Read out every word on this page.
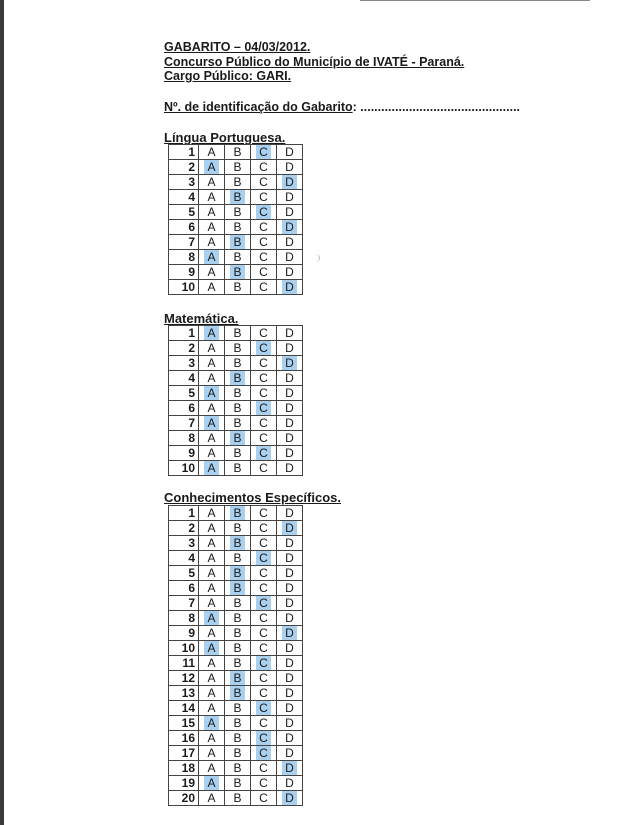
GABARITO – 04/03/2012.
Concurso Público do Município de IVATÉ - Paraná.
Cargo Público: GARI.
Nº. de identificação do Gabarito: ..............................................
Língua Portuguesa.
1	A	B	C	D
2	A	B	C	D
3	A	B	C	D
4	A	B	C	D
5	A	B	C	D
6	A	B	C	D
7	A	B	C	D
8	A	B	C	D
9	A	B	C	D
10	A	B	C	D
Matemática.
1	A	B	C	D
2	A	B	C	D
3	A	B	C	D
4	A	B	C	D
5	A	B	C	D
6	A	B	C	D
7	A	B	C	D
8	A	B	C	D
9	A	B	C	D
10	A	B	C	D
Conhecimentos Específicos.
1	A	B	C	D
2	A	B	C	D
3	A	B	C	D
4	A	B	C	D
5	A	B	C	D
6	A	B	C	D
7	A	B	C	D
8	A	B	C	D
9	A	B	C	D
10	A	B	C	D
11	A	B	C	D
12	A	B	C	D
13	A	B	C	D
14	A	B	C	D
15	A	B	C	D
16	A	B	C	D
17	A	B	C	D
18	A	B	C	D
19	A	B	C	D
20	A	B	C	D
